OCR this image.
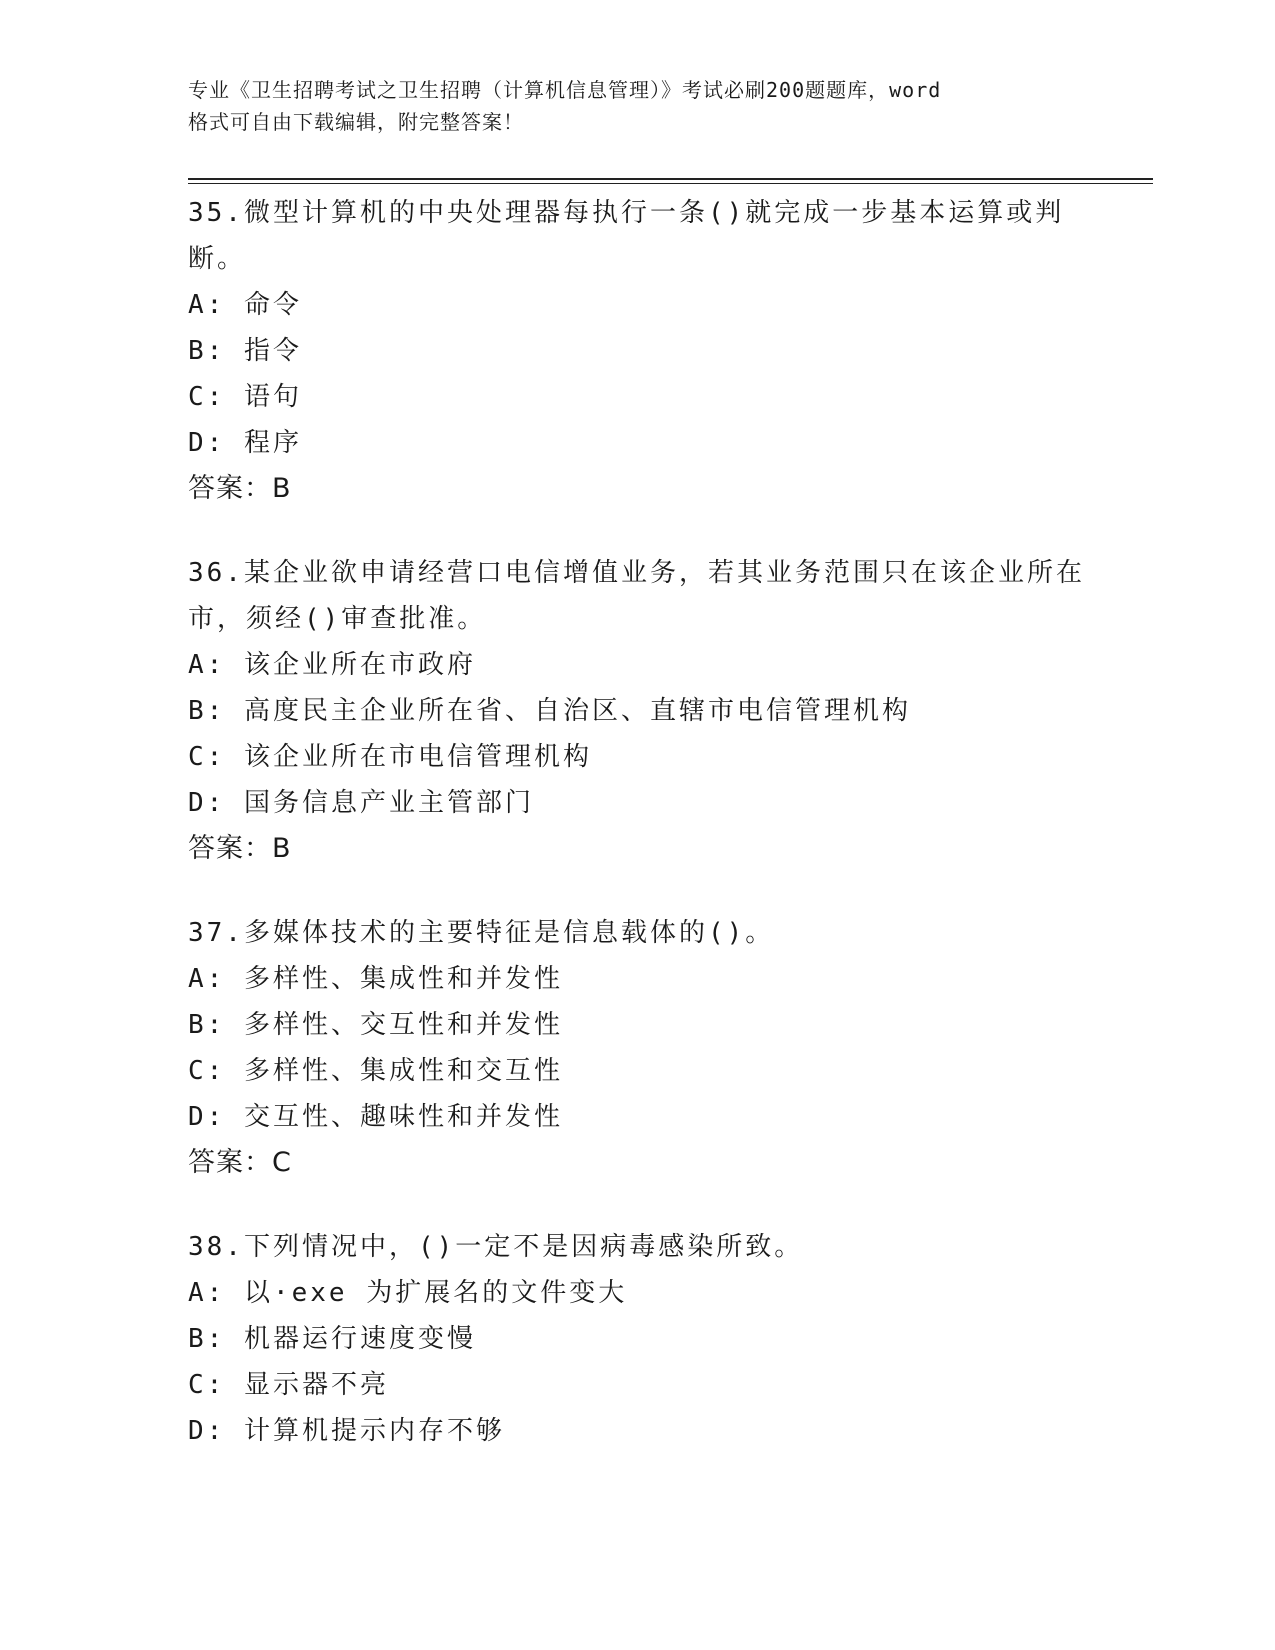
专业《卫生招聘考试之卫生招聘（计算机信息管理）》考试必刷200题题库，word
格式可自由下载编辑，附完整答案！

35.微型计算机的中央处理器每执行一条()就完成一步基本运算或判断。

A: 命令

B: 指令

C: 语句

D: 程序

答案：B

36.某企业欲申请经营口电信增值业务，若其业务范围只在该企业所在市，须经()审查批准。

A: 该企业所在市政府

B: 高度民主企业所在省、自治区、直辖市电信管理机构

C: 该企业所在市电信管理机构

D: 国务信息产业主管部门

答案：B

37.多媒体技术的主要特征是信息载体的()。

A: 多样性、集成性和并发性

B: 多样性、交互性和并发性

C: 多样性、集成性和交互性

D: 交互性、趣味性和并发性

答案：C

38.下列情况中，()一定不是因病毒感染所致。

A: 以·exe 为扩展名的文件变大

B: 机器运行速度变慢

C: 显示器不亮

D: 计算机提示内存不够
